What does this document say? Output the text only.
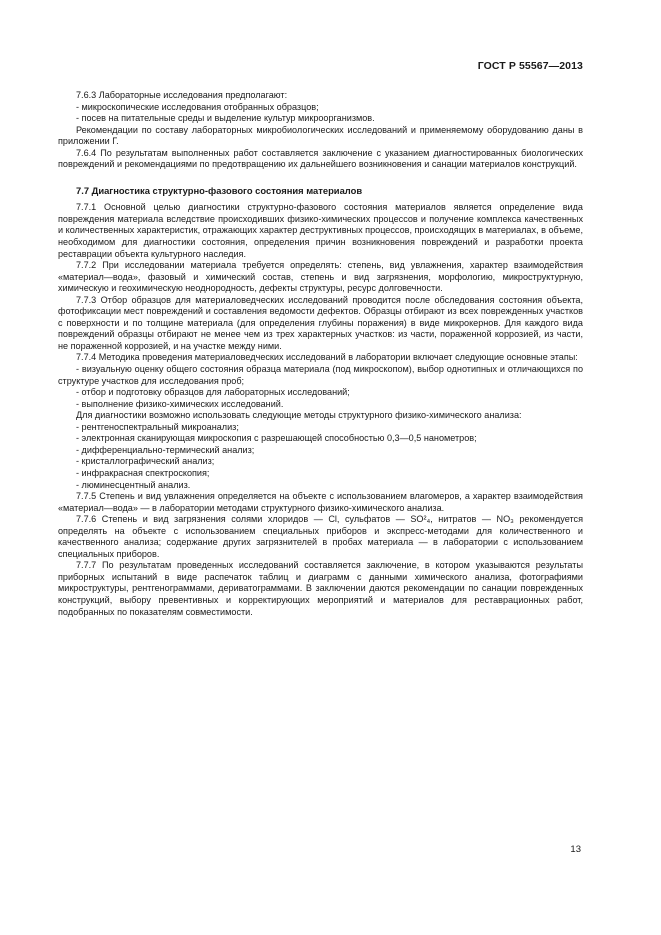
ГОСТ Р 55567—2013

7.6.3 Лабораторные исследования предполагают:

- микроскопические исследования отобранных образцов;

- посев на питательные среды и выделение культур микроорганизмов.

Рекомендации по составу лабораторных микробиологических исследований и применяемому оборудованию даны в приложении Г.

7.6.4 По результатам выполненных работ составляется заключение с указанием диагностированных биологических повреждений и рекомендациями по предотвращению их дальнейшего возникновения и санации материалов конструкций.

7.7 Диагностика структурно-фазового состояния материалов

7.7.1 Основной целью диагностики структурно-фазового состояния материалов является определение вида повреждения материала вследствие происходивших физико-химических процессов и получение комплекса качественных и количественных характеристик, отражающих характер деструктивных процессов, происходящих в материалах, в объеме, необходимом для диагностики состояния, определения причин возникновения повреждений и разработки проекта реставрации объекта культурного наследия.

7.7.2 При исследовании материала требуется определять: степень, вид увлажнения, характер взаимодействия «материал—вода», фазовый и химический состав, степень и вид загрязнения, морфологию, микроструктурную, химическую и геохимическую неоднородность, дефекты структуры, ресурс долговечности.

7.7.3 Отбор образцов для материаловедческих исследований проводится после обследования состояния объекта, фотофиксации мест повреждений и составления ведомости дефектов. Образцы отбирают из всех поврежденных участков с поверхности и по толщине материала (для определения глубины поражения) в виде микрокернов. Для каждого вида повреждений образцы отбирают не менее чем из трех характерных участков: из части, пораженной коррозией, из части, не пораженной коррозией, и на участке между ними.

7.7.4 Методика проведения материаловедческих исследований в лаборатории включает следующие основные этапы:

- визуальную оценку общего состояния образца материала (под микроскопом), выбор однотипных и отличающихся по структуре участков для исследования проб;

- отбор и подготовку образцов для лабораторных исследований;

- выполнение физико-химических исследований.

Для диагностики возможно использовать следующие методы структурного физико-химического анализа:

- рентгеноспектральный микроанализ;

- электронная сканирующая микроскопия с разрешающей способностью 0,3—0,5 нанометров;

- дифференциально-термический анализ;

- кристаллографический анализ;

- инфракрасная спектроскопия;

- люминесцентный анализ.

7.7.5 Степень и вид увлажнения определяется на объекте с использованием влагомеров, а характер взаимодействия «материал—вода» — в лаборатории методами структурного физико-химического анализа.

7.7.6 Степень и вид загрязнения солями хлоридов — Cl, сульфатов — SO²₄, нитратов — NO₃ рекомендуется определять на объекте с использованием специальных приборов и экспресс-методами для количественного и качественного анализа; содержание других загрязнителей в пробах материала — в лаборатории с использованием специальных приборов.

7.7.7 По результатам проведенных исследований составляется заключение, в котором указываются результаты приборных испытаний в виде распечаток таблиц и диаграмм с данными химического анализа, фотографиями микроструктуры, рентгенограммами, дериватограммами. В заключении даются рекомендации по санации поврежденных конструкций, выбору превентивных и корректирующих мероприятий и материалов для реставрационных работ, подобранных по показателям совместимости.

13
